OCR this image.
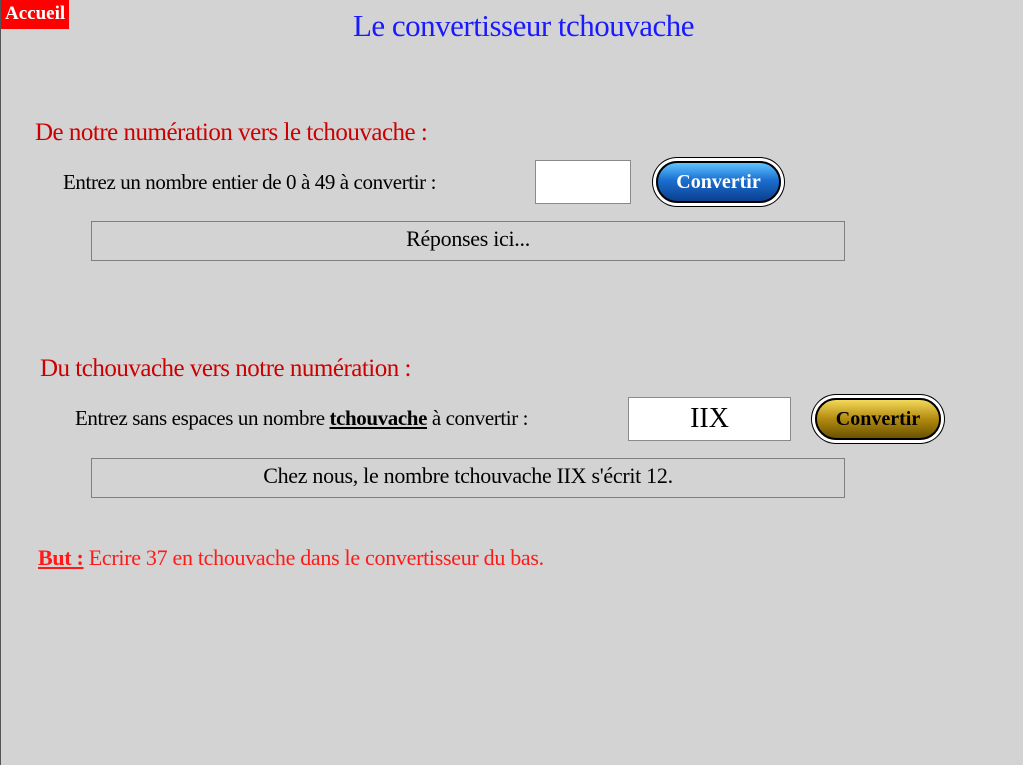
Accueil	Le convertisseur tchouvache
De notre numération vers le tchouvache :
Entrez un nombre entier de 0 à 49 à convertir :	Convertir
Réponses ici...
Du tchouvache vers notre numération :
Entrez sans espaces un nombre tchouvache à convertir :
IIX	Convertir
Chez nous, le nombre tchouvache IIX s'écrit 12.
But : Ecrire 37 en tchouvache dans le convertisseur du bas.
